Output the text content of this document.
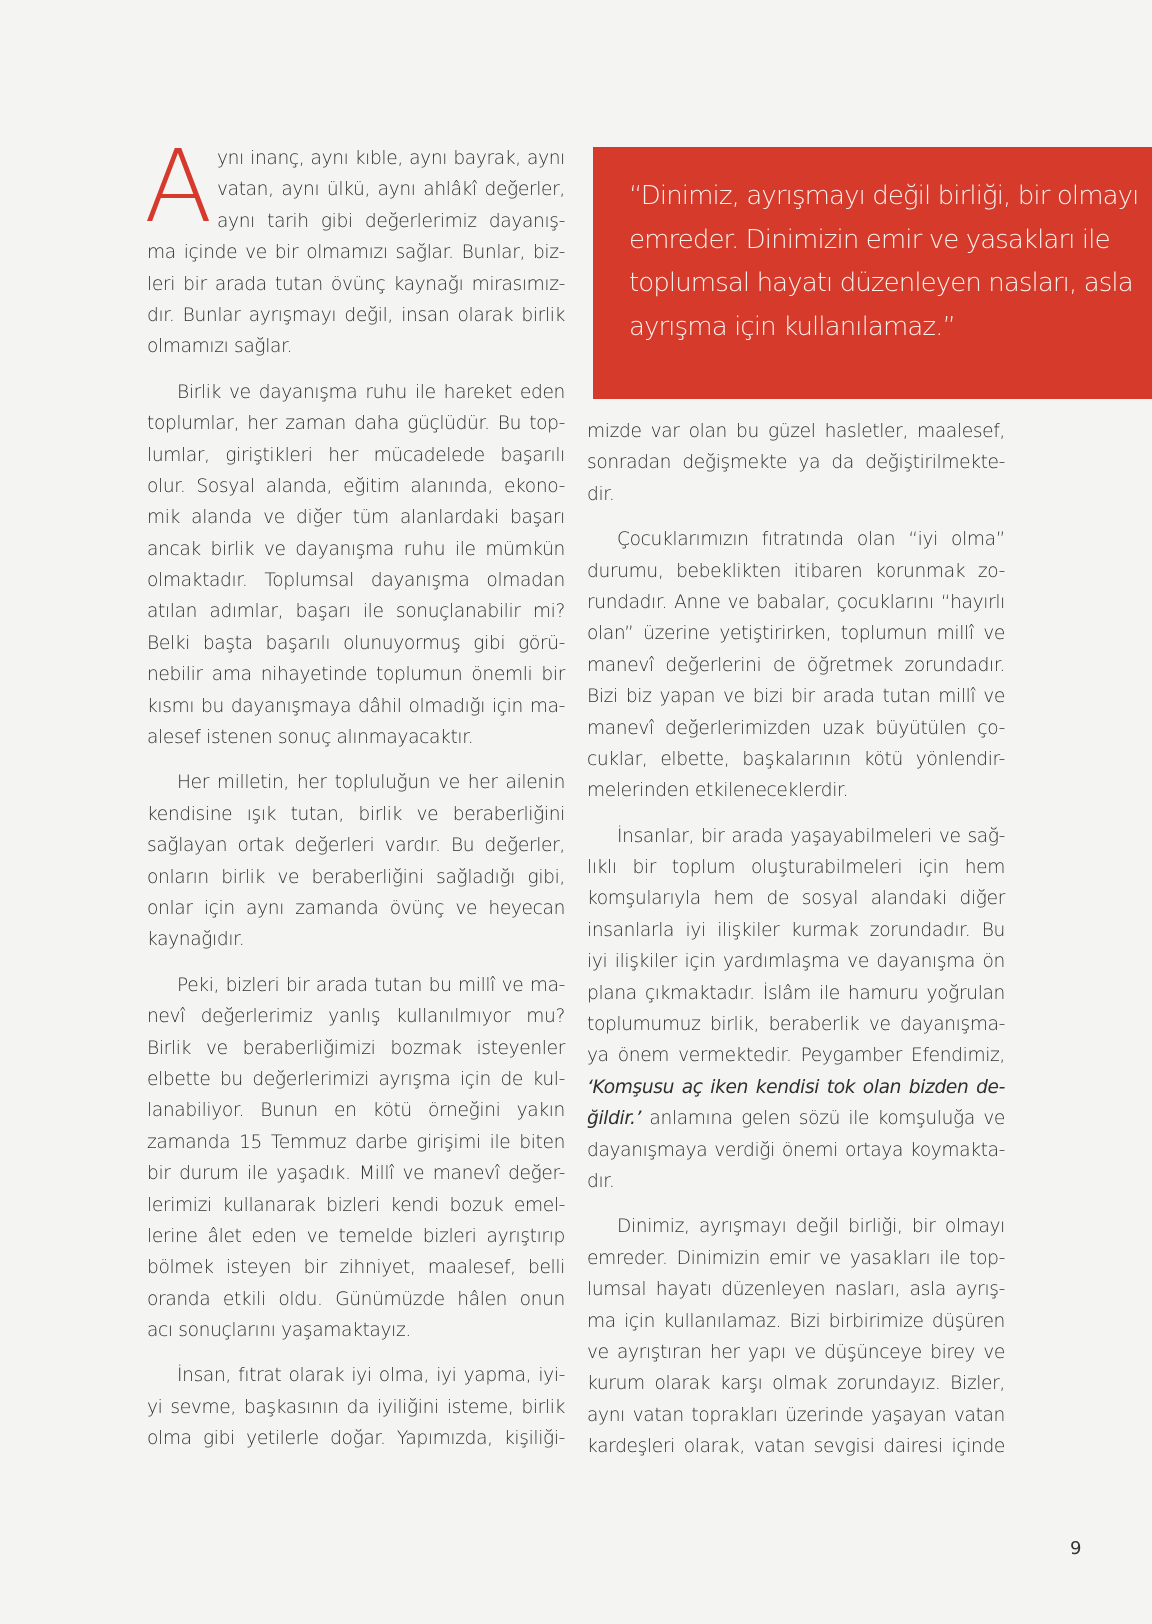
A ynı inanç, aynı kıble, aynı bayrak, aynı
vatan, aynı ülkü, aynı ahlâkî değerler,
aynı tarih gibi değerlerimiz dayanış-
ma içinde ve bir olmamızı sağlar. Bunlar, biz-
leri bir arada tutan övünç kaynağı mirasımız-
dır. Bunlar ayrışmayı değil, insan olarak birlik
olmamızı sağlar.
Birlik ve dayanışma ruhu ile hareket eden
toplumlar, her zaman daha güçlüdür. Bu top-
lumlar, giriştikleri her mücadelede başarılı
olur. Sosyal alanda, eğitim alanında, ekono-
mik alanda ve diğer tüm alanlardaki başarı
ancak birlik ve dayanışma ruhu ile mümkün
olmaktadır. Toplumsal dayanışma olmadan
atılan adımlar, başarı ile sonuçlanabilir mi?
Belki başta başarılı olunuyormuş gibi görü-
nebilir ama nihayetinde toplumun önemli bir
kısmı bu dayanışmaya dâhil olmadığı için ma-
alesef istenen sonuç alınmayacaktır.
Her milletin, her topluluğun ve her ailenin
kendisine ışık tutan, birlik ve beraberliğini
sağlayan ortak değerleri vardır. Bu değerler,
onların birlik ve beraberliğini sağladığı gibi,
onlar için aynı zamanda övünç ve heyecan
kaynağıdır.
Peki, bizleri bir arada tutan bu millî ve ma-
nevî değerlerimiz yanlış kullanılmıyor mu?
Birlik ve beraberliğimizi bozmak isteyenler
elbette bu değerlerimizi ayrışma için de kul-
lanabiliyor. Bunun en kötü örneğini yakın
zamanda 15 Temmuz darbe girişimi ile biten
bir durum ile yaşadık. Millî ve manevî değer-
lerimizi kullanarak bizleri kendi bozuk emel-
lerine âlet eden ve temelde bizleri ayrıştırıp
bölmek isteyen bir zihniyet, maalesef, belli
oranda etkili oldu. Günümüzde hâlen onun
acı sonuçlarını yaşamaktayız.
İnsan, fıtrat olarak iyi olma, iyi yapma, iyi-
yi sevme, başkasının da iyiliğini isteme, birlik
olma gibi yetilerle doğar. Yapımızda, kişiliği-
“Dinimiz, ayrışmayı değil birliği, bir olmayı
emreder. Dinimizin emir ve yasakları ile
toplumsal hayatı düzenleyen nasları, asla
ayrışma için kullanılamaz.”
mizde var olan bu güzel hasletler, maalesef,
sonradan değişmekte ya da değiştirilmekte-
dir.
Çocuklarımızın fıtratında olan “iyi olma”
durumu, bebeklikten itibaren korunmak zo-
rundadır. Anne ve babalar, çocuklarını “hayırlı
olan” üzerine yetiştirirken, toplumun millî ve
manevî değerlerini de öğretmek zorundadır.
Bizi biz yapan ve bizi bir arada tutan millî ve
manevî değerlerimizden uzak büyütülen ço-
cuklar, elbette, başkalarının kötü yönlendir-
melerinden etkileneceklerdir.
İnsanlar, bir arada yaşayabilmeleri ve sağ-
lıklı bir toplum oluşturabilmeleri için hem
komşularıyla hem de sosyal alandaki diğer
insanlarla iyi ilişkiler kurmak zorundadır. Bu
iyi ilişkiler için yardımlaşma ve dayanışma ön
plana çıkmaktadır. İslâm ile hamuru yoğrulan
toplumumuz birlik, beraberlik ve dayanışma-
ya önem vermektedir. Peygamber Efendimiz,
‘Komşusu aç iken kendisi tok olan bizden de-
ğildir.’ anlamına gelen sözü ile komşuluğa ve
dayanışmaya verdiği önemi ortaya koymakta-
dır.
Dinimiz, ayrışmayı değil birliği, bir olmayı
emreder. Dinimizin emir ve yasakları ile top-
lumsal hayatı düzenleyen nasları, asla ayrış-
ma için kullanılamaz. Bizi birbirimize düşüren
ve ayrıştıran her yapı ve düşünceye birey ve
kurum olarak karşı olmak zorundayız. Bizler,
aynı vatan toprakları üzerinde yaşayan vatan
kardeşleri olarak, vatan sevgisi dairesi içinde
9
